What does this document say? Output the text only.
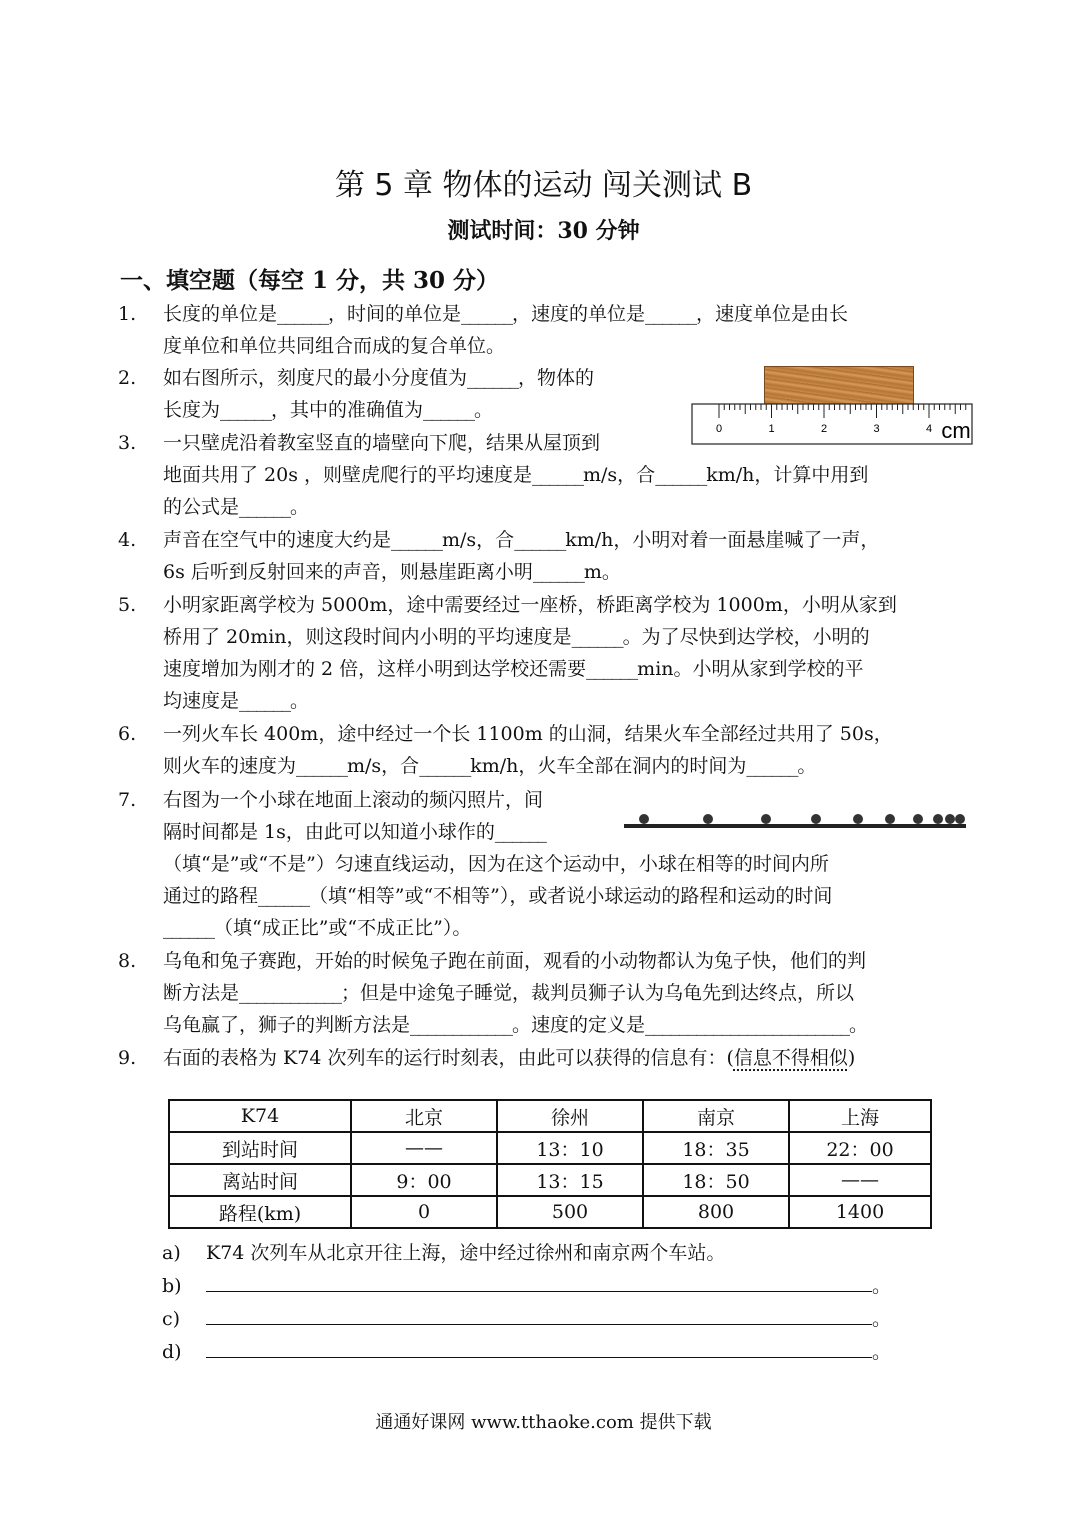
第 5 章 物体的运动 闯关测试 B
测试时间：30 分钟
一、填空题（每空 1 分，共 30 分）
1.	长度的单位是______，时间的单位是______，速度的单位是______，速度单位是由长
度单位和单位共同组合而成的复合单位。
2.	如右图所示，刻度尺的最小分度值为______，物体的
长度为______，其中的准确值为______。
3.	一只壁虎沿着教室竖直的墙壁向下爬，结果从屋顶到
地面共用了 20s ，则壁虎爬行的平均速度是______m/s，合______km/h，计算中用到
的公式是______。
4.	声音在空气中的速度大约是______m/s，合______km/h，小明对着一面悬崖喊了一声，
6s 后听到反射回来的声音，则悬崖距离小明______m。
5.	小明家距离学校为 5000m，途中需要经过一座桥，桥距离学校为 1000m，小明从家到
桥用了 20min，则这段时间内小明的平均速度是______。为了尽快到达学校，小明的
速度增加为刚才的 2 倍，这样小明到达学校还需要______min。小明从家到学校的平
均速度是______。
6.	一列火车长 400m，途中经过一个长 1100m 的山洞，结果火车全部经过共用了 50s，
则火车的速度为______m/s，合______km/h，火车全部在洞内的时间为______。
7.	右图为一个小球在地面上滚动的频闪照片，间
隔时间都是 1s，由此可以知道小球作的______
（填“是”或“不是”）匀速直线运动，因为在这个运动中，小球在相等的时间内所
通过的路程______（填“相等”或“不相等”），或者说小球运动的路程和运动的时间
______（填“成正比”或“不成正比”）。
8.	乌龟和兔子赛跑，开始的时候兔子跑在前面，观看的小动物都认为兔子快，他们的判
断方法是____________；但是中途兔子睡觉，裁判员狮子认为乌龟先到达终点，所以
乌龟赢了，狮子的判断方法是____________。速度的定义是________________________。
9.	右面的表格为 K74 次列车的运行时刻表，由此可以获得的信息有：(信息不得相似)
0	1	2	3	4 cm
K74	北京	徐州	南京	上海
到站时间	——	13：10	18：35	22：00
离站时间	9：00	13：15	18：50	——
路程(km)	0	500	800	1400
a) K74 次列车从北京开往上海，途中经过徐州和南京两个车站。
b)	。
c)	。
d)	。
通通好课网 www.tthaoke.com 提供下载
